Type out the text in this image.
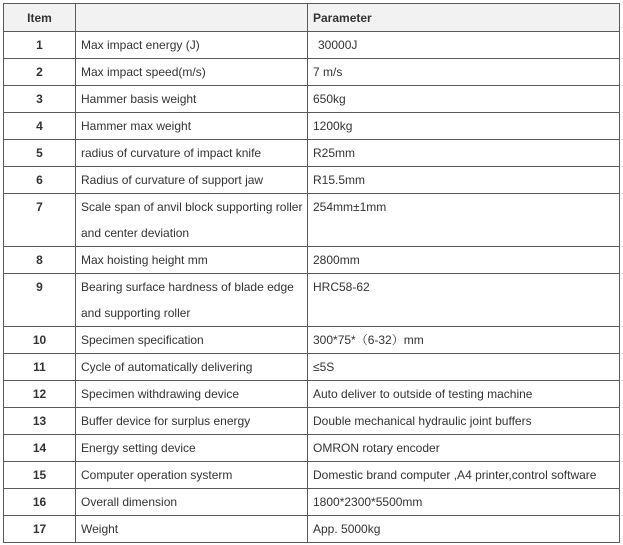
Item		Parameter
1	Max impact energy (J)	30000J
2	Max impact speed(m/s)	7 m/s
3	Hammer basis weight	650kg
4	Hammer max weight	1200kg
5	radius of curvature of impact knife	R25mm
6	Radius of curvature of support jaw	R15.5mm
7	Scale span of anvil block supporting roller and center deviation	254mm±1mm
8	Max hoisting height mm	2800mm
9	Bearing surface hardness of blade edge and supporting roller	HRC58-62
10	Specimen specification	300*75*（6-32）mm
11	Cycle of automatically delivering	≤5S
12	Specimen withdrawing device	Auto deliver to outside of testing machine
13	Buffer device for surplus energy	Double mechanical hydraulic joint buffers
14	Energy setting device	OMRON rotary encoder
15	Computer operation systerm	Domestic brand computer ,A4 printer,control software
16	Overall dimension	1800*2300*5500mm
17	Weight	App. 5000kg
